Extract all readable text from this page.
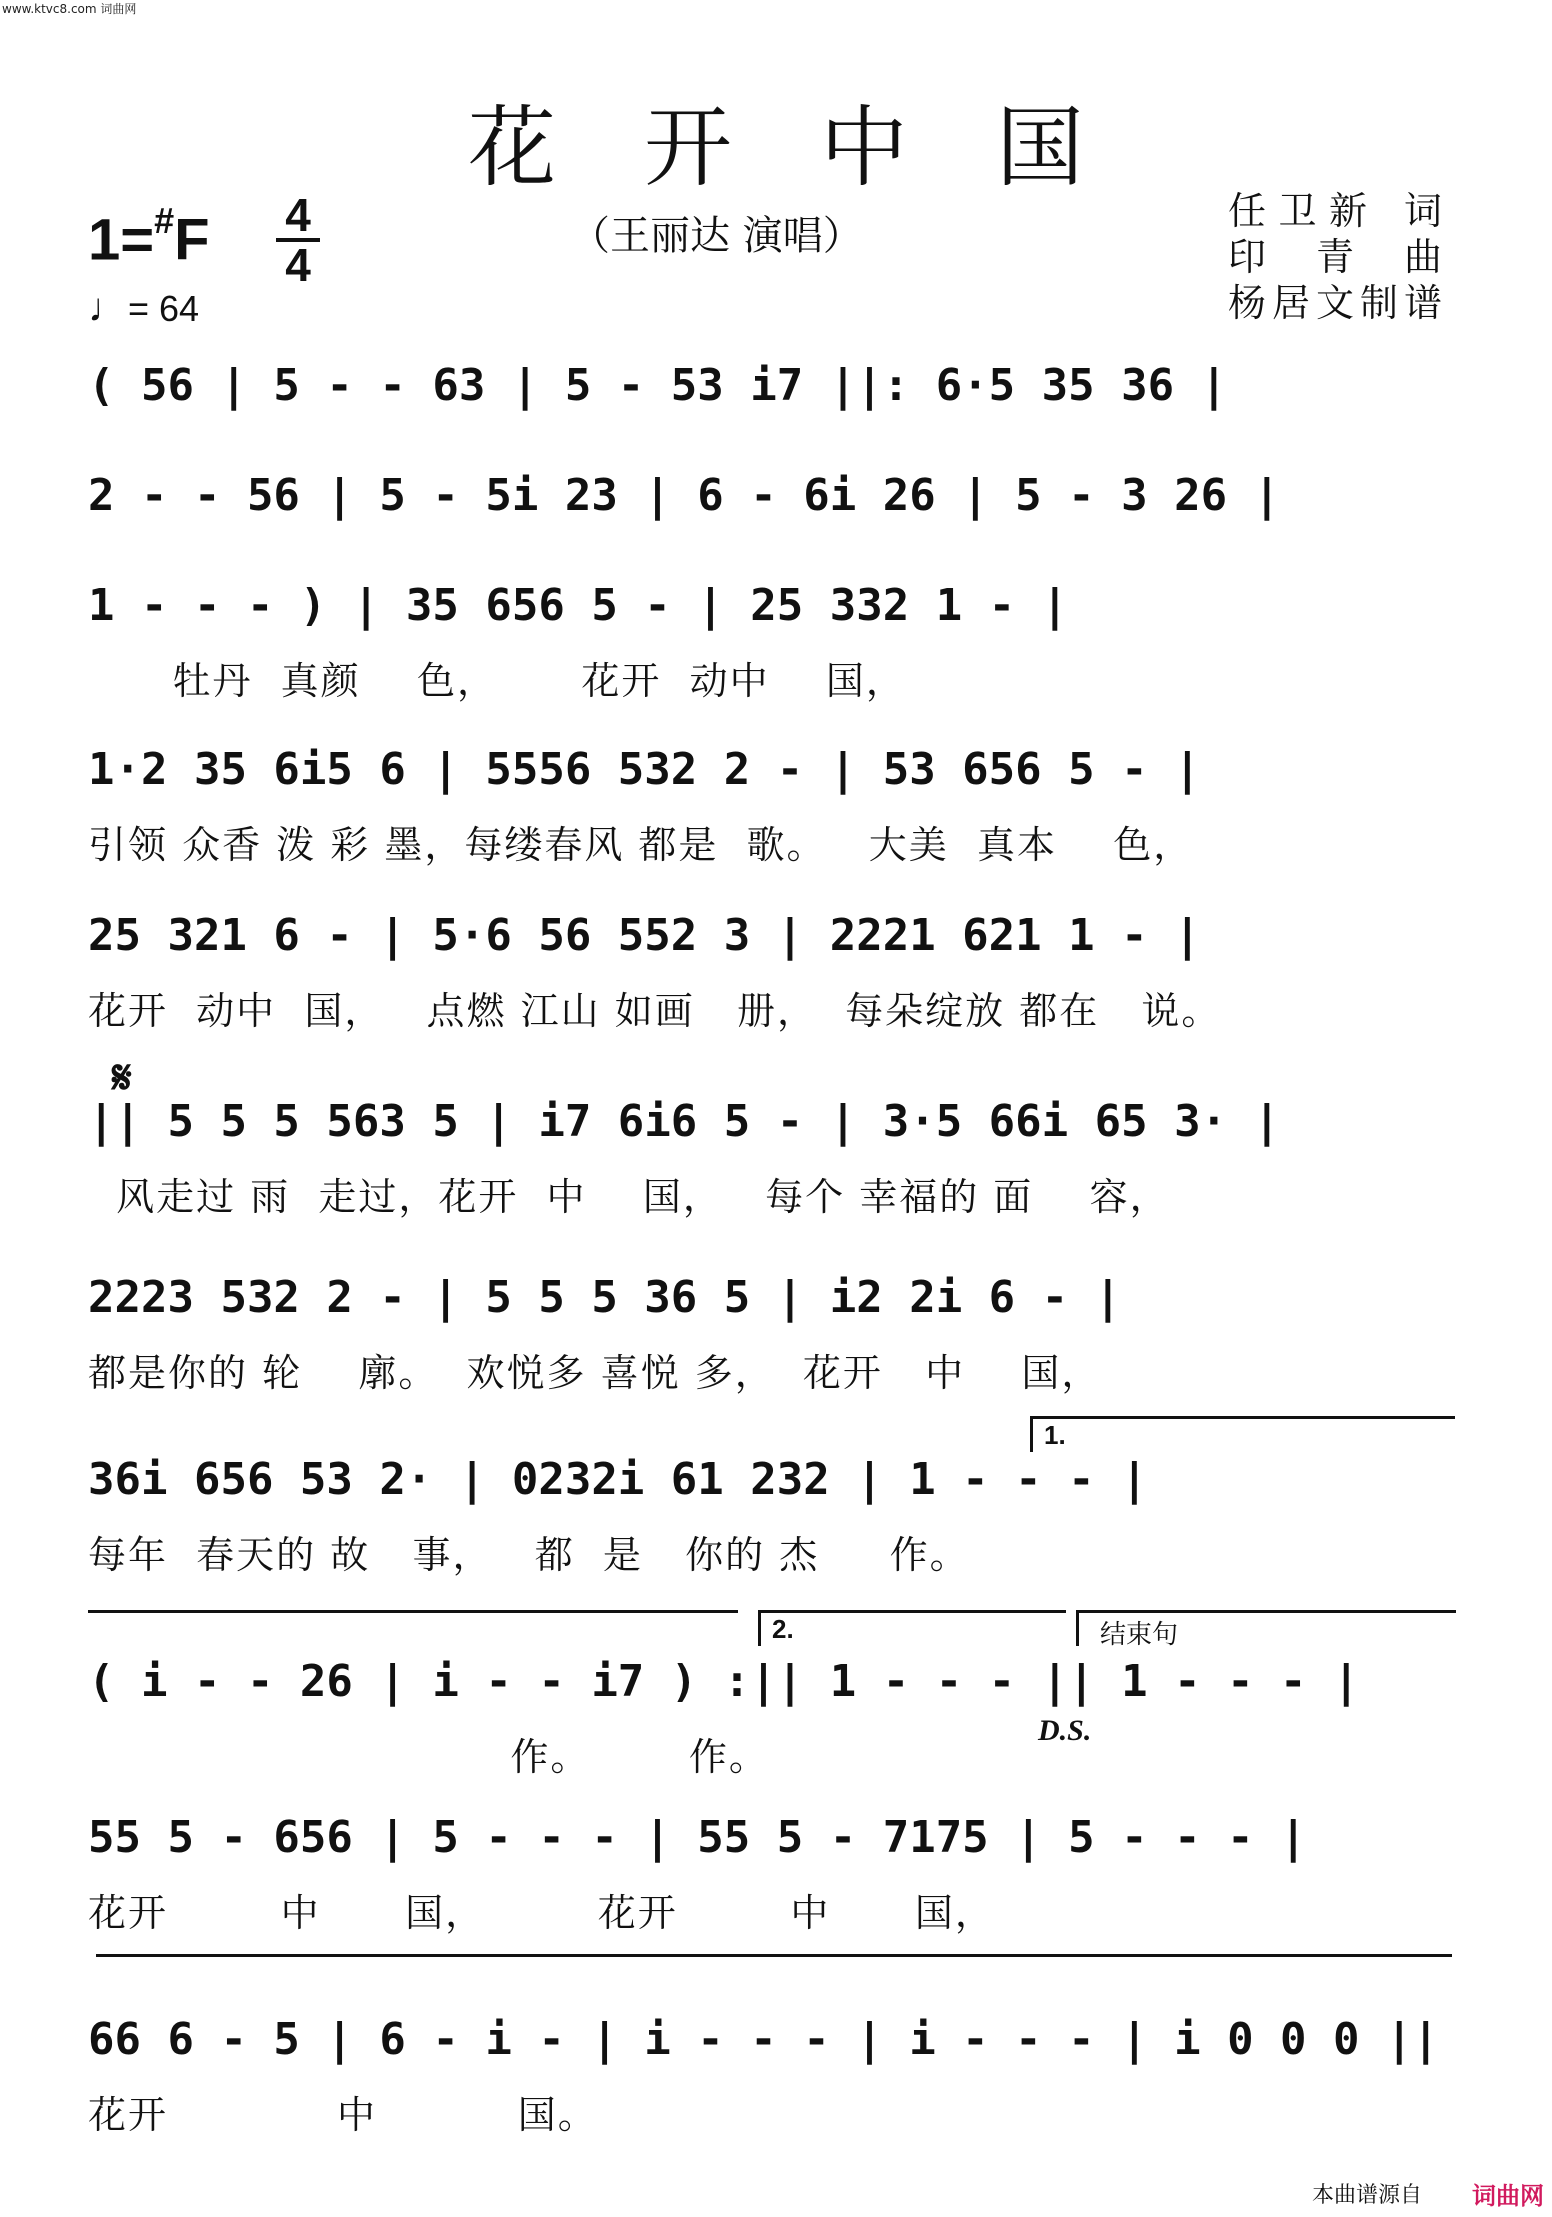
www.ktvc8.com 词曲网
花开中国
1=#F 4
4
♩= 64
（王丽达 演唱）
任卫新 词
印 青 曲
杨居文制谱
𝄋
( 56 | 5 - - 63 | 5 - 53 i7 ||: 6·5 35 36 |
2 - - 56 | 5 - 5i 23 | 6 - 6i 26 | 5 - 3 26 |
1 - - - ) | 35 656 5 - | 25 332 1 - |
牡丹  真颜    色，      花开  动中    国，
1·2 35 6i5 6 | 5556 532 2 - | 53 656 5 - |
引领 众香 泼 彩 墨，每缕春风 都是  歌。   大美  真本    色，
25 321 6 - | 5·6 56 552 3 | 2221 621 1 - |
花开  动中  国，   点燃 江山 如画   册，  每朵绽放 都在   说。
|| 5 5 5 563 5 | i7 6i6 5 - | 3·5 66i 65 3· |
风走过 雨  走过，花开  中    国，   每个 幸福的 面    容，
2223 532 2 - | 5 5 5 36 5 | i2 2i 6 - |
都是你的 轮    廓。  欢悦多 喜悦 多，  花开   中    国，
36i 656 53 2· | 0232i 61 232 | 1 - - - |
每年  春天的 故   事，   都  是   你的 杰     作。
( i - - 26 | i - - i7 ) :|| 1 - - - || 1 - - - |
作。       作。
55 5 - 656 | 5 - - - | 55 5 - 7175 | 5 - - - |
花开        中      国，        花开        中      国，
66 6 - 5 | 6 - i - | i - - - | i - - - | i 0 0 0 ||
花开            中          国。
1.
2.	结束句
D.S.
本曲谱源自 词曲网
